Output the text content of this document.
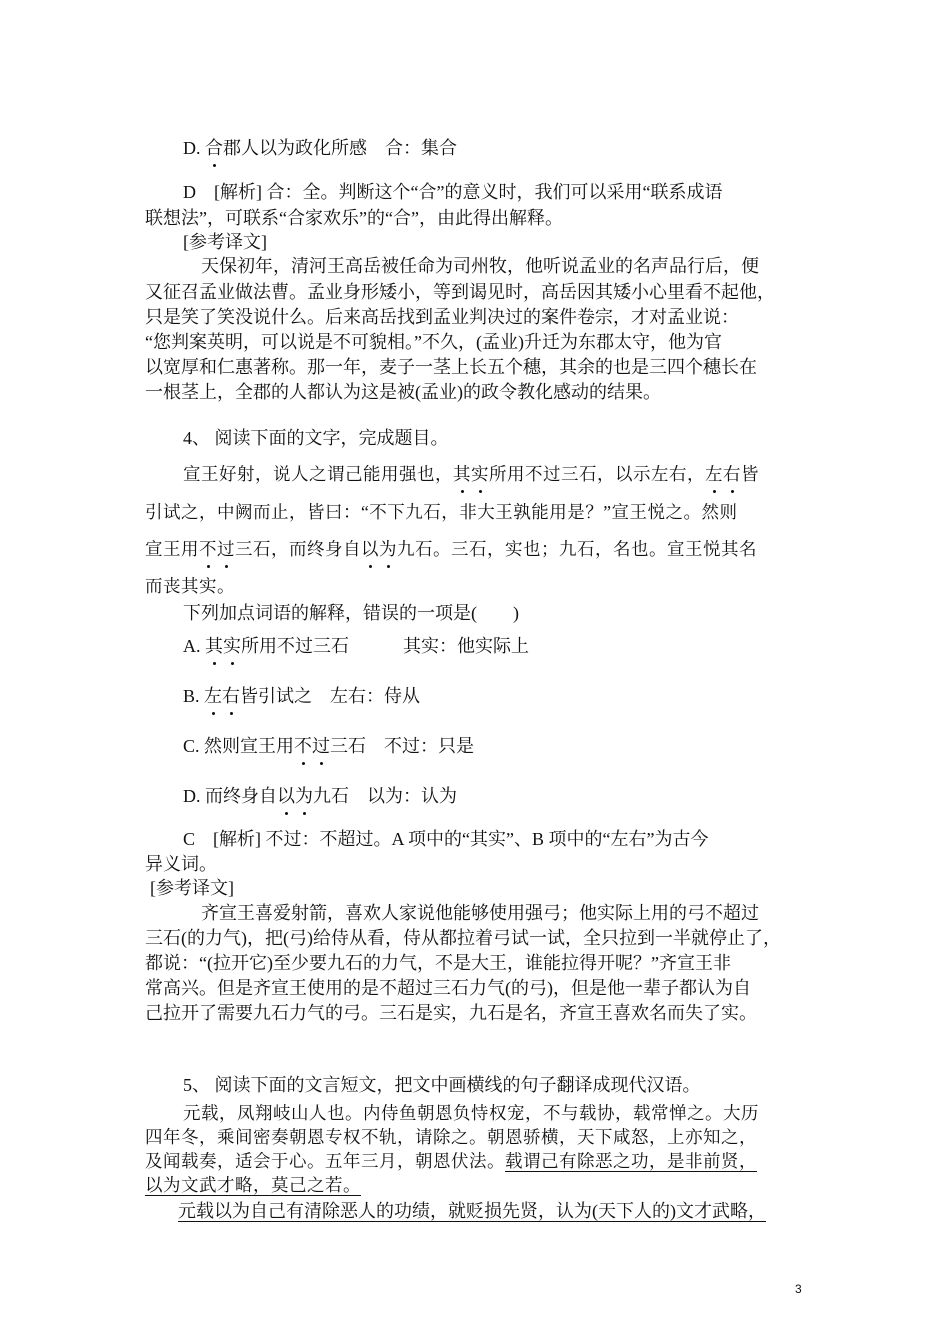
D. 合郡人以为政化所感　合：集合
D　[解析] 合：全。判断这个“合”的意义时，我们可以采用“联系成语
联想法”，可联系“合家欢乐”的“合”，由此得出解释。
[参考译文]
天保初年，清河王高岳被任命为司州牧，他听说孟业的名声品行后，便
又征召孟业做法曹。孟业身形矮小，等到谒见时，高岳因其矮小心里看不起他，
只是笑了笑没说什么。后来高岳找到孟业判决过的案件卷宗，才对孟业说：
“您判案英明，可以说是不可貌相。”不久，(孟业)升迁为东郡太守，他为官
以宽厚和仁惠著称。那一年，麦子一茎上长五个穗，其余的也是三四个穗长在
一根茎上，全郡的人都认为这是被(孟业)的政令教化感动的结果。
4、 阅读下面的文字，完成题目。
宣王好射，说人之谓己能用强也，其实所用不过三石，以示左右，左右皆
引试之，中阙而止，皆曰：“不下九石，非大王孰能用是？”宣王悦之。然则
宣王用不过三石，而终身自以为九石。三石，实也；九石，名也。宣王悦其名
而丧其实。
下列加点词语的解释，错误的一项是(　　)
A. 其实所用不过三石　　　其实：他实际上
B. 左右皆引试之　左右：侍从
C. 然则宣王用不过三石　不过：只是
D. 而终身自以为九石　以为：认为
C　[解析] 不过：不超过。A 项中的“其实”、B 项中的“左右”为古今
异义词。
[参考译文]
齐宣王喜爱射箭，喜欢人家说他能够使用强弓；他实际上用的弓不超过
三石(的力气)，把(弓)给侍从看，侍从都拉着弓试一试，全只拉到一半就停止了，
都说：“(拉开它)至少要九石的力气，不是大王，谁能拉得开呢？”齐宣王非
常高兴。但是齐宣王使用的是不超过三石力气(的弓)，但是他一辈子都认为自
己拉开了需要九石力气的弓。三石是实，九石是名，齐宣王喜欢名而失了实。
5、 阅读下面的文言短文，把文中画横线的句子翻译成现代汉语。
元载，凤翔岐山人也。内侍鱼朝恩负恃权宠，不与载协，载常惮之。大历
四年冬，乘间密奏朝恩专权不轨，请除之。朝恩骄横，天下咸怒，上亦知之，
及闻载奏，适会于心。五年三月，朝恩伏法。载谓己有除恶之功，是非前贤，
以为文武才略，莫己之若。
元载以为自己有清除恶人的功绩，就贬损先贤，认为(天下人的)文才武略，
3
